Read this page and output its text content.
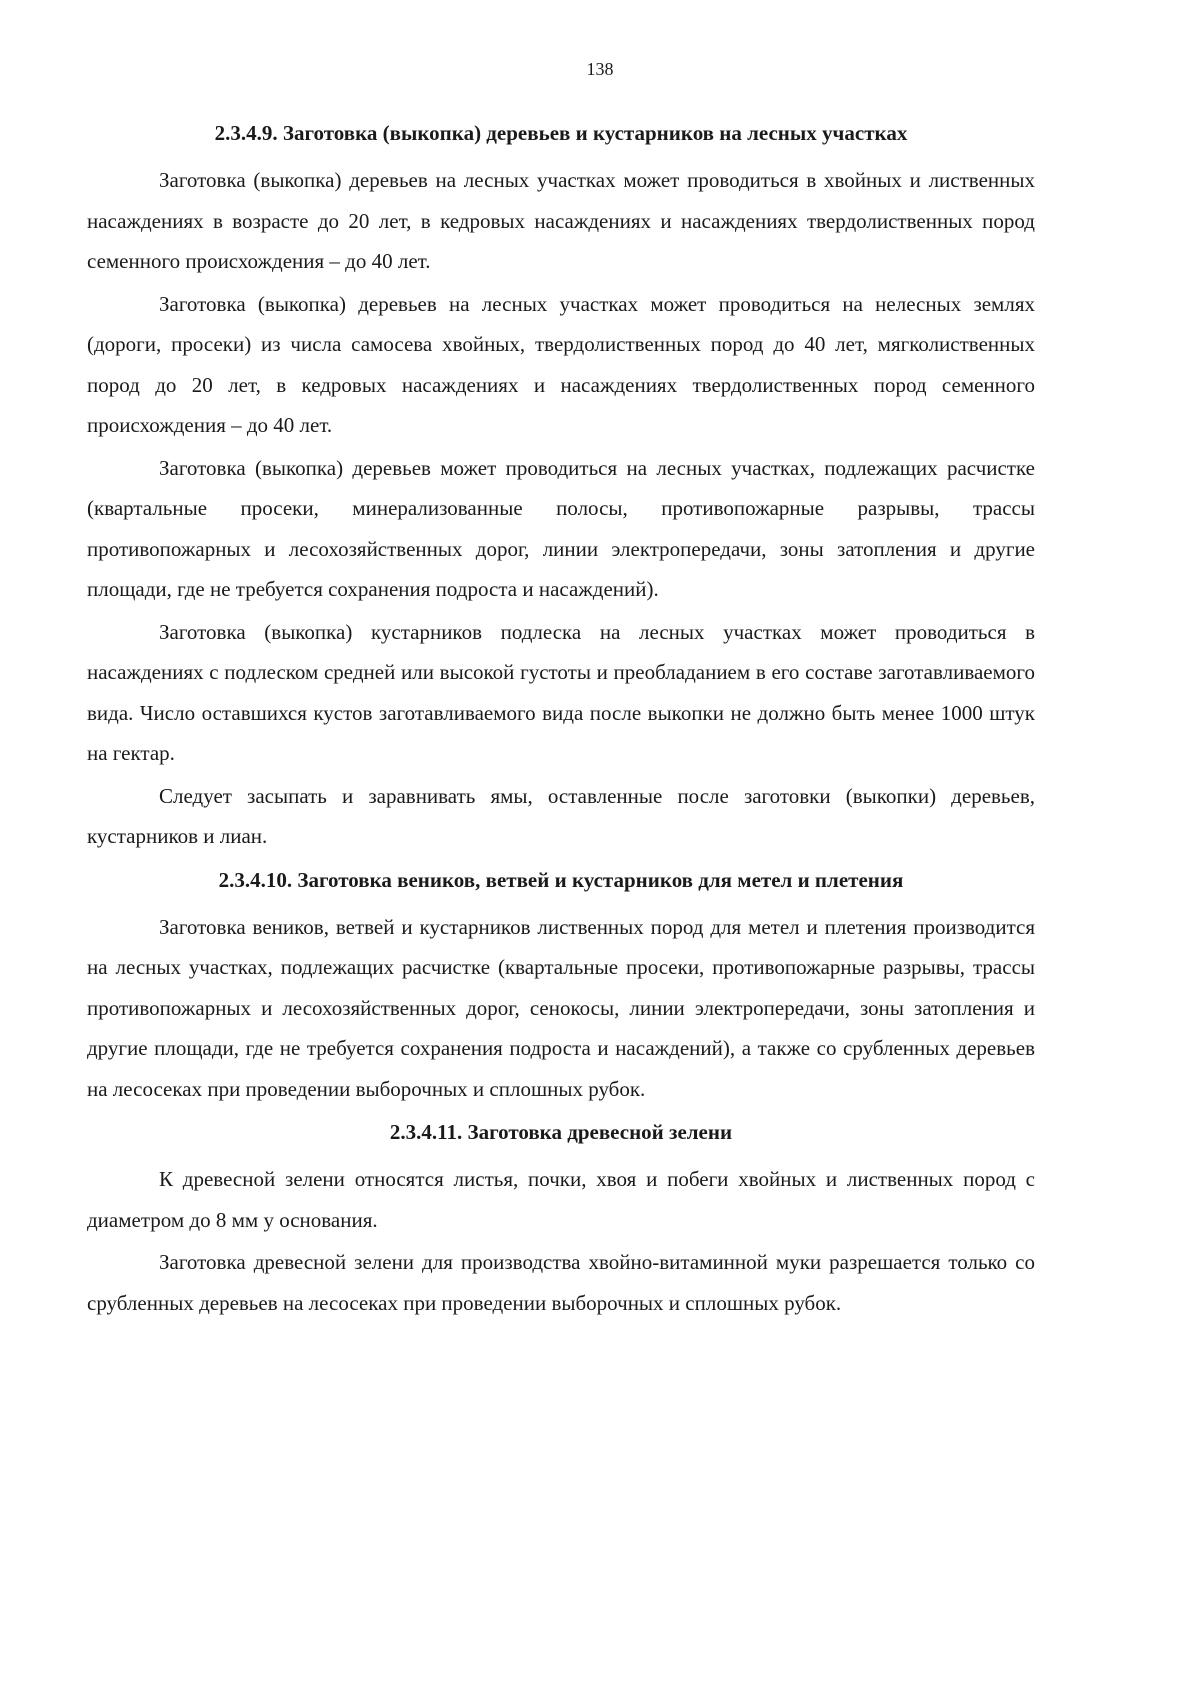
138
2.3.4.9. Заготовка (выкопка) деревьев и кустарников на лесных участках

Заготовка (выкопка) деревьев на лесных участках может проводиться в хвойных и лиственных насаждениях в возрасте до 20 лет, в кедровых насаждениях и насаждениях твердолиственных пород семенного происхождения – до 40 лет.

Заготовка (выкопка) деревьев на лесных участках может проводиться на нелесных землях (дороги, просеки) из числа самосева хвойных, твердолиственных пород до 40 лет, мягколиственных пород до 20 лет, в кедровых насаждениях и насаждениях твердолиственных пород семенного происхождения – до 40 лет.

Заготовка (выкопка) деревьев может проводиться на лесных участках, подлежащих расчистке (квартальные просеки, минерализованные полосы, противопожарные разрывы, трассы противопожарных и лесохозяйственных дорог, линии электропередачи, зоны затопления и другие площади, где не требуется сохранения подроста и насаждений).

Заготовка (выкопка) кустарников подлеска на лесных участках может проводиться в насаждениях с подлеском средней или высокой густоты и преобладанием в его составе заготавливаемого вида. Число оставшихся кустов заготавливаемого вида после выкопки не должно быть менее 1000 штук на гектар.

Следует засыпать и заравнивать ямы, оставленные после заготовки (выкопки) деревьев, кустарников и лиан.

2.3.4.10. Заготовка веников, ветвей и кустарников для метел и плетения

Заготовка веников, ветвей и кустарников лиственных пород для метел и плетения производится на лесных участках, подлежащих расчистке (квартальные просеки, противопожарные разрывы, трассы противопожарных и лесохозяйственных дорог, сенокосы, линии электропередачи, зоны затопления и другие площади, где не требуется сохранения подроста и насаждений), а также со срубленных деревьев на лесосеках при проведении выборочных и сплошных рубок.

2.3.4.11. Заготовка древесной зелени

К древесной зелени относятся листья, почки, хвоя и побеги хвойных и лиственных пород с диаметром до 8 мм у основания.

Заготовка древесной зелени для производства хвойно-витаминной муки разрешается только со срубленных деревьев на лесосеках при проведении выборочных и сплошных рубок.
